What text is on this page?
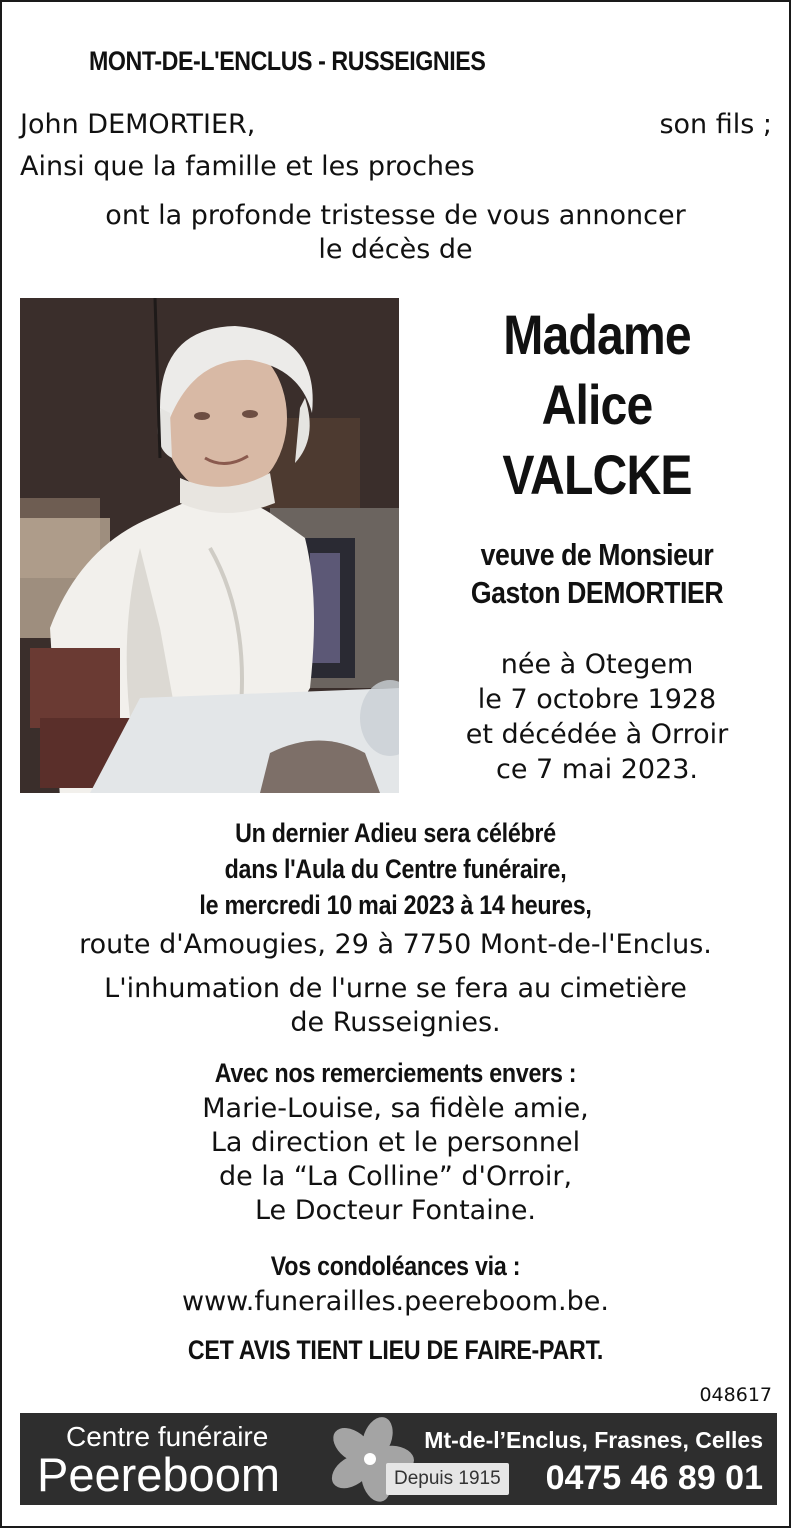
MONT-DE-L'ENCLUS - RUSSEIGNIES
John DEMORTIER,	son fils ;
Ainsi que la famille et les proches
ont la profonde tristesse de vous annoncer
le décès de
Madame
Alice
VALCKE
veuve de Monsieur
Gaston DEMORTIER
née à Otegem
le 7 octobre 1928
et décédée à Orroir
ce 7 mai 2023.
Un dernier Adieu sera célébré
dans l'Aula du Centre funéraire,
le mercredi 10 mai 2023 à 14 heures,
route d'Amougies, 29 à 7750 Mont-de-l'Enclus.
L'inhumation de l'urne se fera au cimetière
de Russeignies.
Avec nos remerciements envers :
Marie-Louise, sa fidèle amie,
La direction et le personnel
de la “La Colline” d'Orroir,
Le Docteur Fontaine.
Vos condoléances via :
www.funerailles.peereboom.be.
CET AVIS TIENT LIEU DE FAIRE-PART.
048617
Centre funéraire
Peereboom
Mt-de-l’Enclus, Frasnes, Celles
Depuis 1915 0475 46 89 01
